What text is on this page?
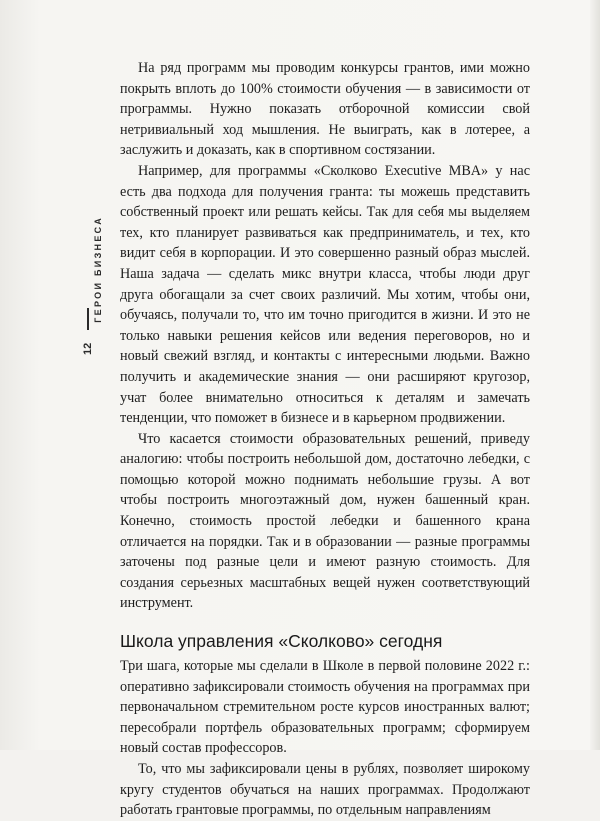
ГЕРОИ БИЗНЕСА
12

На ряд программ мы проводим конкурсы грантов, ими можно покрыть вплоть до 100% стоимости обучения — в зависимости от программы. Нужно показать отборочной комиссии свой нетривиальный ход мышления. Не выиграть, как в лотерее, а заслужить и доказать, как в спортивном состязании.

Например, для программы «Сколково Executive MBA» у нас есть два подхода для получения гранта: ты можешь представить собственный проект или решать кейсы. Так для себя мы выделяем тех, кто планирует развиваться как предприниматель, и тех, кто видит себя в корпорации. И это совершенно разный образ мыслей. Наша задача — сделать микс внутри класса, чтобы люди друг друга обогащали за счет своих различий. Мы хотим, чтобы они, обучаясь, получали то, что им точно пригодится в жизни. И это не только навыки решения кейсов или ведения переговоров, но и новый свежий взгляд, и контакты с интересными людьми. Важно получить и академические знания — они расширяют кругозор, учат более внимательно относиться к деталям и замечать тенденции, что поможет в бизнесе и в карьерном продвижении.

Что касается стоимости образовательных решений, приведу аналогию: чтобы построить небольшой дом, достаточно лебедки, с помощью которой можно поднимать небольшие грузы. А вот чтобы построить многоэтажный дом, нужен башенный кран. Конечно, стоимость простой лебедки и башенного крана отличается на порядки. Так и в образовании — разные программы заточены под разные цели и имеют разную стоимость. Для создания серьезных масштабных вещей нужен соответствующий инструмент.

Школа управления «Сколково» сегодня

Три шага, которые мы сделали в Школе в первой половине 2022 г.: оперативно зафиксировали стоимость обучения на программах при первоначальном стремительном росте курсов иностранных валют; пересобрали портфель образовательных программ; сформируем новый состав профессоров.

То, что мы зафиксировали цены в рублях, позволяет широкому кругу студентов обучаться на наших программах. Продолжают работать грантовые программы, по отдельным направлениям
